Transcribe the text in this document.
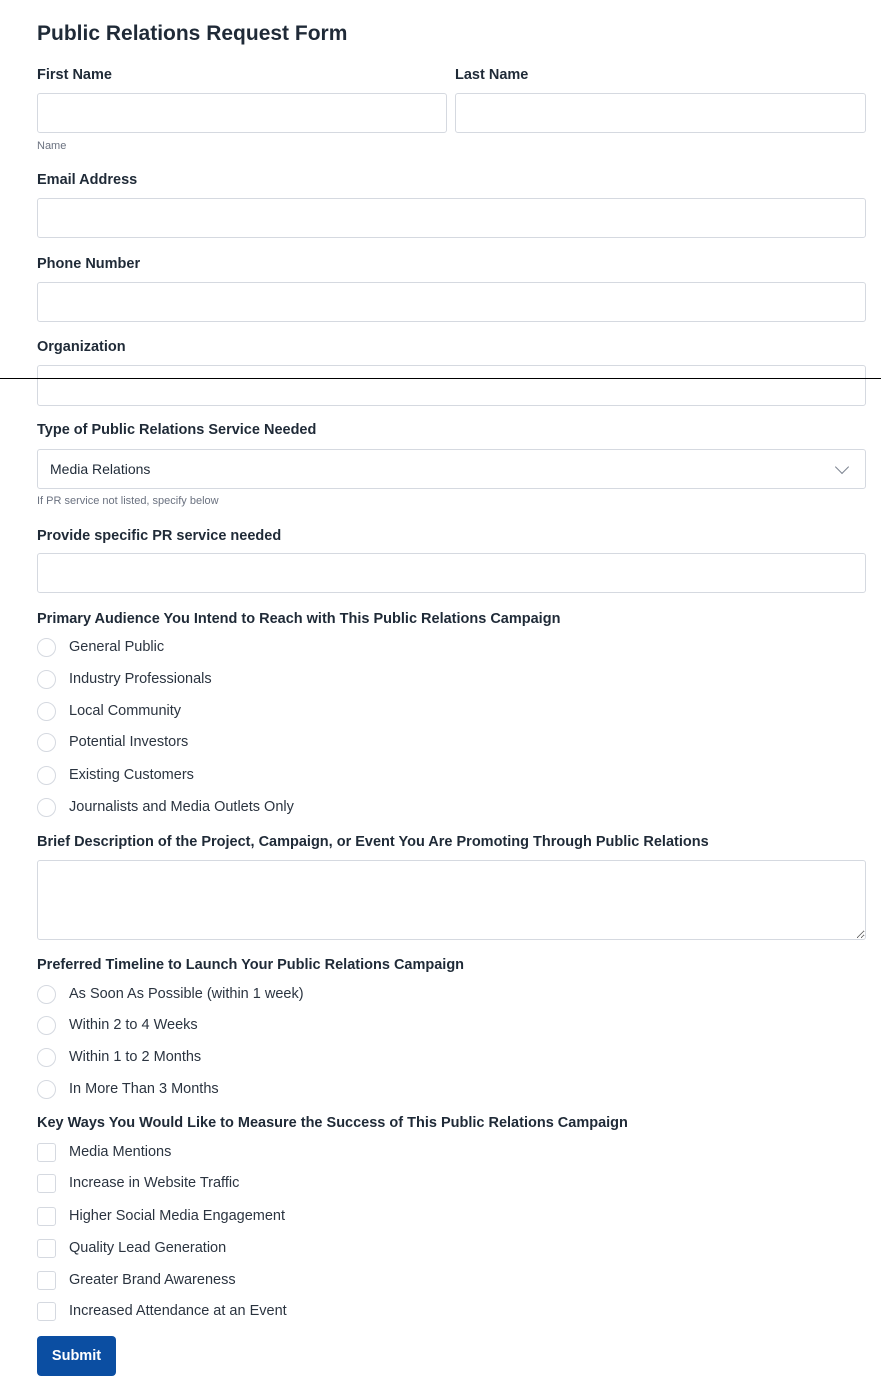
Public Relations Request Form
First Name	Last Name
Name
Email Address
Phone Number
Organization
Type of Public Relations Service Needed
Media Relations
If PR service not listed, specify below
Provide specific PR service needed
Primary Audience You Intend to Reach with This Public Relations Campaign
General Public
Industry Professionals
Local Community
Potential Investors
Existing Customers
Journalists and Media Outlets Only
Brief Description of the Project, Campaign, or Event You Are Promoting Through Public Relations
Preferred Timeline to Launch Your Public Relations Campaign
As Soon As Possible (within 1 week)
Within 2 to 4 Weeks
Within 1 to 2 Months
In More Than 3 Months
Key Ways You Would Like to Measure the Success of This Public Relations Campaign
Media Mentions
Increase in Website Traffic
Higher Social Media Engagement
Quality Lead Generation
Greater Brand Awareness
Increased Attendance at an Event
Submit
